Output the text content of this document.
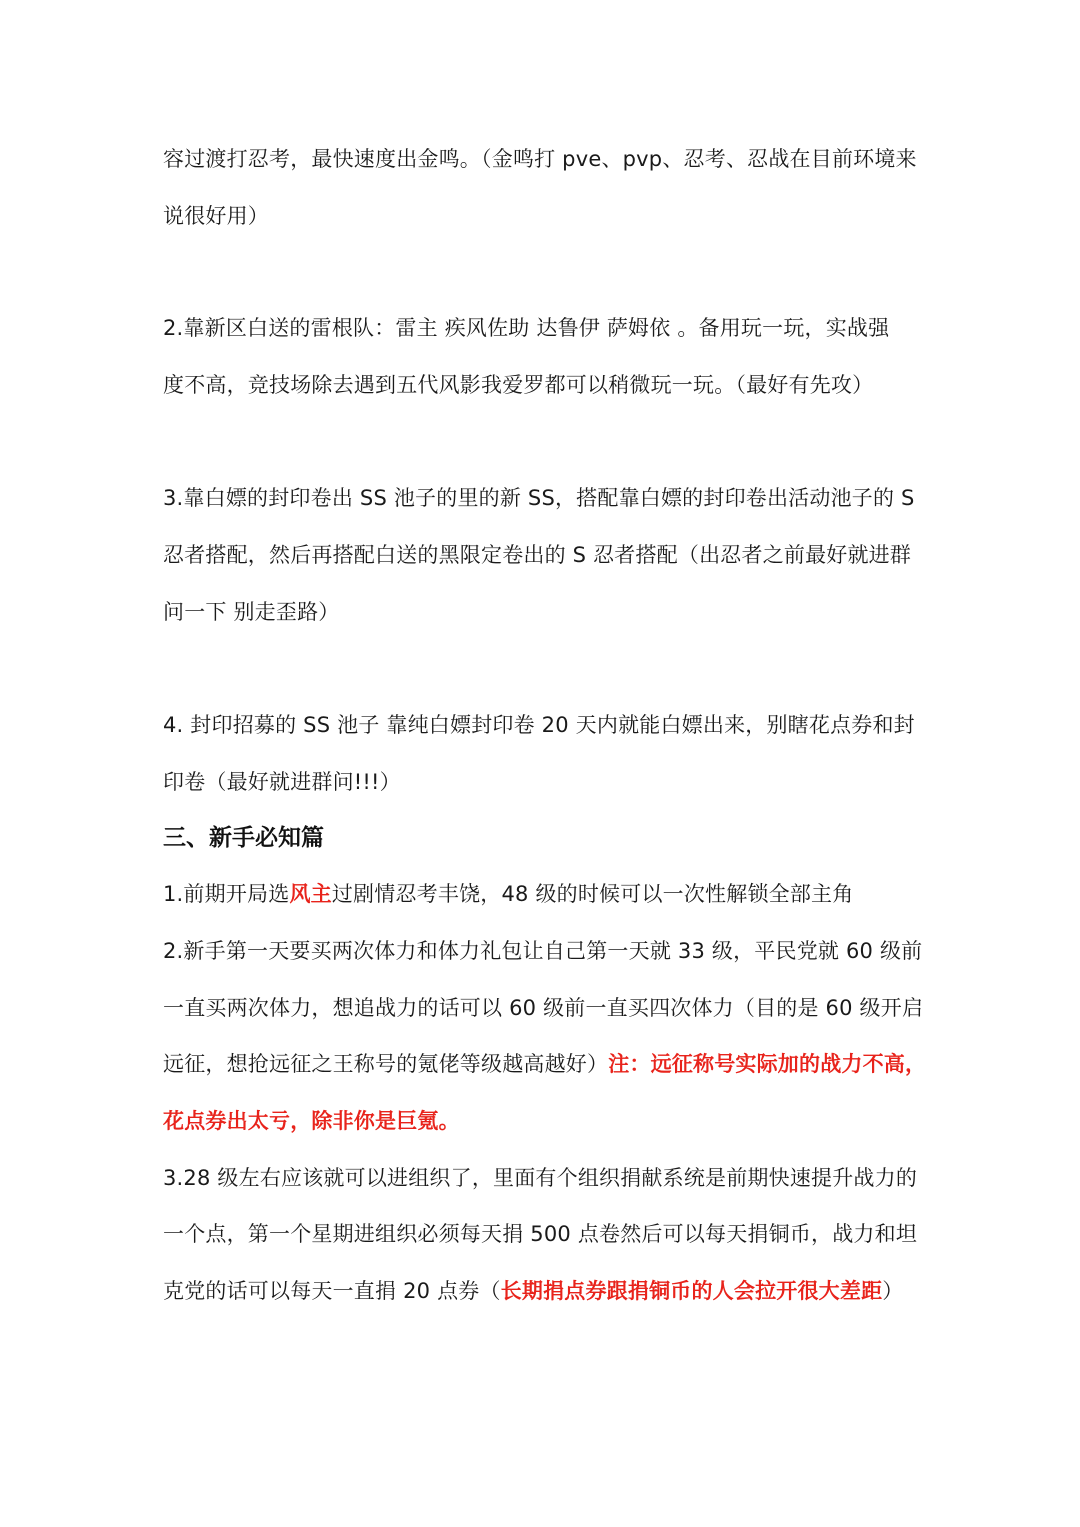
容过渡打忍考，最快速度出金鸣。（金鸣打 pve、pvp、忍考、忍战在目前环境来
说很好用）
2.靠新区白送的雷根队：雷主 疾风佐助 达鲁伊 萨姆依 。备用玩一玩，实战强
度不高，竞技场除去遇到五代风影我爱罗都可以稍微玩一玩。（最好有先攻）
3.靠白嫖的封印卷出 SS 池子的里的新 SS，搭配靠白嫖的封印卷出活动池子的 S
忍者搭配，然后再搭配白送的黑限定卷出的 S 忍者搭配（出忍者之前最好就进群
问一下 别走歪路）
4. 封印招募的 SS 池子 靠纯白嫖封印卷 20 天内就能白嫖出来，别瞎花点券和封
印卷（最好就进群问!!!）
三、新手必知篇
1.前期开局选风主过剧情忍考丰饶，48 级的时候可以一次性解锁全部主角
2.新手第一天要买两次体力和体力礼包让自己第一天就 33 级，平民党就 60 级前
一直买两次体力，想追战力的话可以 60 级前一直买四次体力（目的是 60 级开启
远征，想抢远征之王称号的氪佬等级越高越好）注：远征称号实际加的战力不高，
花点券出太亏，除非你是巨氪。
3.28 级左右应该就可以进组织了，里面有个组织捐献系统是前期快速提升战力的
一个点，第一个星期进组织必须每天捐 500 点卷然后可以每天捐铜币，战力和坦
克党的话可以每天一直捐 20 点券（长期捐点券跟捐铜币的人会拉开很大差距）
